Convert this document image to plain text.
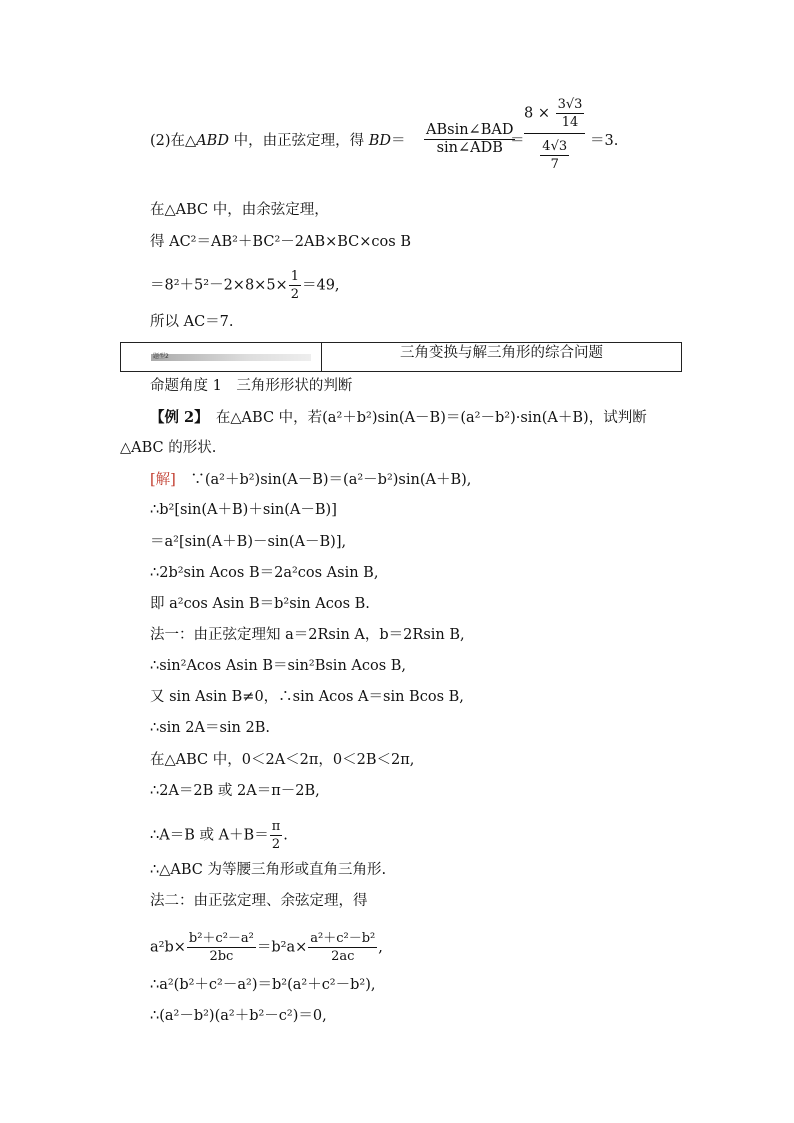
(2)在△ABD 中，由正弦定理，得 $BD= \frac{\text{ABsin∠BAD}}{\text{sin∠ADB}}$
＝
$8 \times \frac{3√3}{14}$
$\frac{4√3}{7} =3$.
在△ABC 中，由余弦定理，
得 AC²＝AB²＋BC²－2AB×BC×cos B
$=8^2+5^2-2\times 8\times 5\times \frac{1}{2} =49$,
所以 AC＝7.
题型2	三角变换与解三角形的综合问题
命题角度 1　三角形形状的判断
【例 2】　在△ABC 中，若(a²＋b²)sin(A－B)＝(a²－b²)·sin(A＋B)，试判断
△ABC 的形状.
[解]　∵(a²＋b²)sin(A－B)＝(a²－b²)sin(A＋B),
∴b²[sin(A＋B)＋sin(A－B)]
＝a²[sin(A＋B)－sin(A－B)],
∴2b²sin Acos B＝2a²cos Asin B,
即 a²cos Asin B＝b²sin Acos B.
法一：由正弦定理知 a＝2Rsin A，b＝2Rsin B,
∴sin²Acos Asin B＝sin²Bsin Acos B,
又 sin Asin B≠0，∴sin Acos A＝sin Bcos B,
∴sin 2A＝sin 2B.
在△ABC 中，0＜2A＜2π，0＜2B＜2π,
∴2A＝2B 或 2A＝π－2B,
∴A＝B 或 $A+B= \frac{\pi}{2}$ .
∴△ABC 为等腰三角形或直角三角形.
法二：由正弦定理、余弦定理，得
$a^2b\times \frac{\text{b²＋c²－a²}}{2bc} =b^2a\times \frac{\text{a²＋c²－b²}}{2ac}$ ,
∴a²(b²＋c²－a²)＝b²(a²＋c²－b²),
∴(a²－b²)(a²＋b²－c²)＝0,
